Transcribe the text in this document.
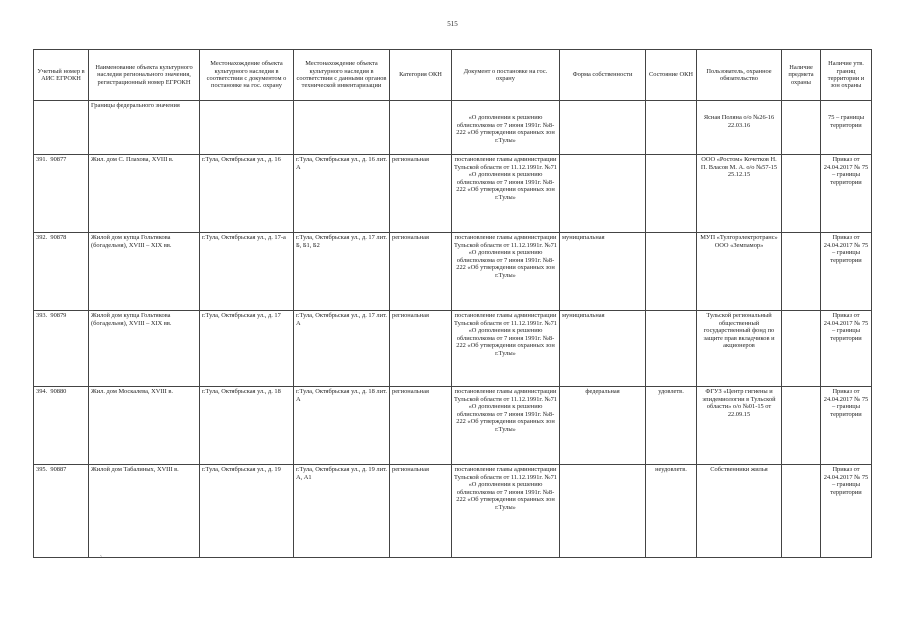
515
Учетный номер в АИС ЕГРОКН	Наименование объекта культурного наследия регионального значения, регистрационный номер ЕГРОКН	Местонахождение объекта культурного наследия в соответствии с документом о постановке на гос. охрану	Местонахождение объекта культурного наследия в соответствии с данными органов технической инвентаризации	Категория ОКН	Документ о постановке на гос. охрану	Форма собственности	Состояние ОКН	Пользователь, охранное обязательство	Наличие предмета охраны	Наличие утв. границ территории и зон охраны
	Границы федерального значения									
					«О дополнении к решению облисполкома от 7 июня 1991г. №8-222 «Об утверждении охранных зон г.Тулы»			Ясная Поляна о/о №26-16 22.03.16		75 – границы территории
391. 90877	Жил. дом С. Плахова, XVIII в.	г.Тула, Октябрьская ул., д. 16	г.Тула, Октябрьская ул., д. 16 лит. А	региональная	постановление главы администрации Тульской области от 11.12.1991г. №71 «О дополнении к решению облисполкома от 7 июня 1991г. №8-222 «Об утверждении охранных зон г.Тулы»			ООО «Ростом» Кочетков Н. П. Власов М. А. о/о №57-15 25.12.15		Приказ от 24.04.2017 № 75 – границы территории
392. 90878	Жилой дом купца Гольтякова (богадельня), XVIII – XIX вв.	г.Тула, Октябрьская ул., д. 17-а	г.Тула, Октябрьская ул., д. 17 лит. Б, Б1, Б2	региональная	постановление главы администрации Тульской области от 11.12.1991г. №71 «О дополнении к решению облисполкома от 7 июня 1991г. №8-222 «Об утверждении охранных зон г.Тулы»	муниципальная		МУП «Тулгорэлектротранс» ООО «Земпамор»		Приказ от 24.04.2017 № 75 – границы территории
393. 90879	Жилой дом купца Гольтякова (богадельня), XVIII – XIX вв.	г.Тула, Октябрьская ул., д. 17	г.Тула, Октябрьская ул., д. 17 лит. А	региональная	постановление главы администрации Тульской области от 11.12.1991г. №71 «О дополнении к решению облисполкома от 7 июня 1991г. №8-222 «Об утверждении охранных зон г.Тулы»	муниципальная		Тульской региональный общественный государственный фонд по защите прав вкладчиков и акционеров		Приказ от 24.04.2017 № 75 – границы территории
394. 90880	Жил. дом Москалева, XVIII в.	г.Тула, Октябрьская ул., д. 18	г.Тула, Октябрьская ул., д. 18 лит. А	региональная	постановление главы администрации Тульской области от 11.12.1991г. №71 «О дополнении к решению облисполкома от 7 июня 1991г. №8-222 «Об утверждении охранных зон г.Тулы»	федеральная	удовлетв.	ФГУЗ «Центр гигиены и эпидемиологии в Тульской области» о/о №01-15 от 22.09.15		Приказ от 24.04.2017 № 75 – границы территории
395. 90887	Жилой дом Табалиных, XVIII в.	г.Тула, Октябрьская ул., д. 19	г.Тула, Октябрьская ул., д. 19 лит. А, А1	региональная	постановление главы администрации Тульской области от 11.12.1991г. №71 «О дополнении к решению облисполкома от 7 июня 1991г. №8-222 «Об утверждении охранных зон г.Тулы»		неудовлетв.	Собственники жилья		Приказ от 24.04.2017 № 75 – границы территории
ˋ
